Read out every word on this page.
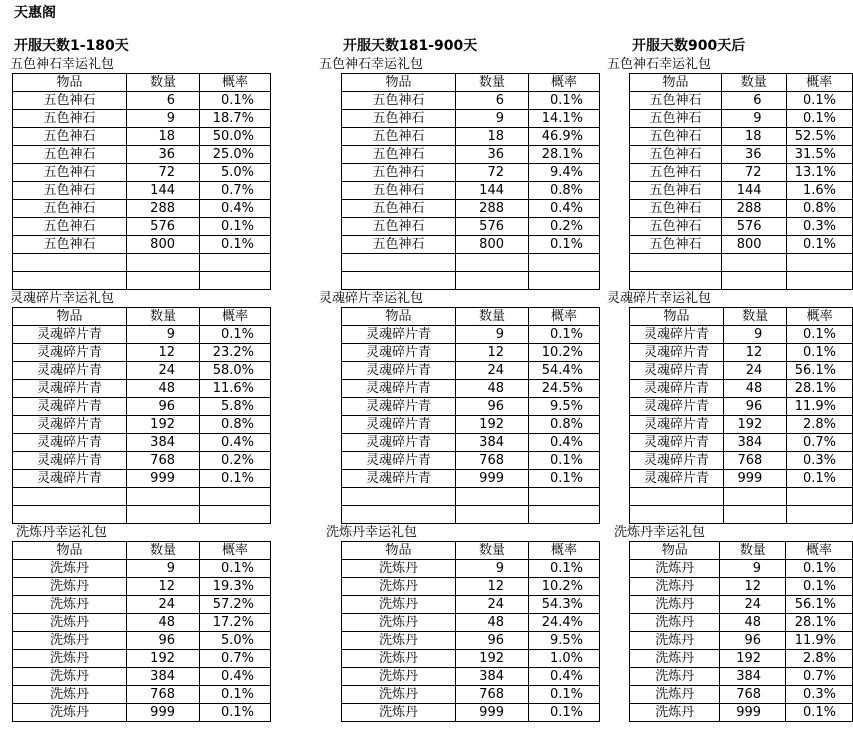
天惠阁
开服天数1-180天
五色神石幸运礼包
物品	数量	概率
五色神石	6	0.1%
五色神石	9	18.7%
五色神石	18	50.0%
五色神石	36	25.0%
五色神石	72	5.0%
五色神石	144	0.7%
五色神石	288	0.4%
五色神石	576	0.1%
五色神石	800	0.1%

灵魂碎片幸运礼包
物品	数量	概率
灵魂碎片青	9	0.1%
灵魂碎片青	12	23.2%
灵魂碎片青	24	58.0%
灵魂碎片青	48	11.6%
灵魂碎片青	96	5.8%
灵魂碎片青	192	0.8%
灵魂碎片青	384	0.4%
灵魂碎片青	768	0.2%
灵魂碎片青	999	0.1%

洗炼丹幸运礼包
物品	数量	概率
洗炼丹	9	0.1%
洗炼丹	12	19.3%
洗炼丹	24	57.2%
洗炼丹	48	17.2%
洗炼丹	96	5.0%
洗炼丹	192	0.7%
洗炼丹	384	0.4%
洗炼丹	768	0.1%
洗炼丹	999	0.1%
开服天数181-900天
五色神石幸运礼包
物品	数量	概率
五色神石	6	0.1%
五色神石	9	14.1%
五色神石	18	46.9%
五色神石	36	28.1%
五色神石	72	9.4%
五色神石	144	0.8%
五色神石	288	0.4%
五色神石	576	0.2%
五色神石	800	0.1%

灵魂碎片幸运礼包
物品	数量	概率
灵魂碎片青	9	0.1%
灵魂碎片青	12	10.2%
灵魂碎片青	24	54.4%
灵魂碎片青	48	24.5%
灵魂碎片青	96	9.5%
灵魂碎片青	192	0.8%
灵魂碎片青	384	0.4%
灵魂碎片青	768	0.1%
灵魂碎片青	999	0.1%

洗炼丹幸运礼包
物品	数量	概率
洗炼丹	9	0.1%
洗炼丹	12	10.2%
洗炼丹	24	54.3%
洗炼丹	48	24.4%
洗炼丹	96	9.5%
洗炼丹	192	1.0%
洗炼丹	384	0.4%
洗炼丹	768	0.1%
洗炼丹	999	0.1%
开服天数900天后
五色神石幸运礼包
物品	数量	概率
五色神石	6	0.1%
五色神石	9	0.1%
五色神石	18	52.5%
五色神石	36	31.5%
五色神石	72	13.1%
五色神石	144	1.6%
五色神石	288	0.8%
五色神石	576	0.3%
五色神石	800	0.1%

灵魂碎片幸运礼包
物品	数量	概率
灵魂碎片青	9	0.1%
灵魂碎片青	12	0.1%
灵魂碎片青	24	56.1%
灵魂碎片青	48	28.1%
灵魂碎片青	96	11.9%
灵魂碎片青	192	2.8%
灵魂碎片青	384	0.7%
灵魂碎片青	768	0.3%
灵魂碎片青	999	0.1%

洗炼丹幸运礼包
物品	数量	概率
洗炼丹	9	0.1%
洗炼丹	12	0.1%
洗炼丹	24	56.1%
洗炼丹	48	28.1%
洗炼丹	96	11.9%
洗炼丹	192	2.8%
洗炼丹	384	0.7%
洗炼丹	768	0.3%
洗炼丹	999	0.1%
